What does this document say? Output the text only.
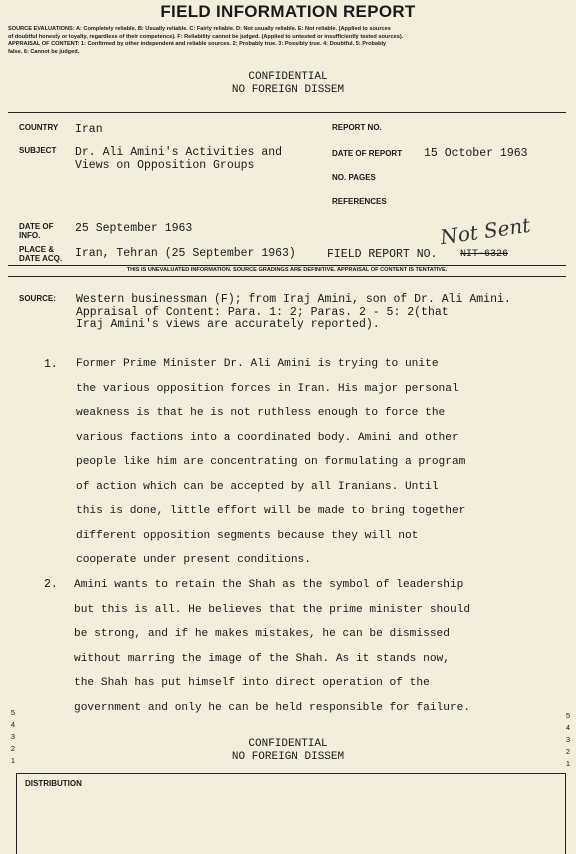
FIELD INFORMATION REPORT
SOURCE EVALUATIONS: A: Completely reliable. B: Usually reliable. C: Fairly reliable. D: Not usually reliable. E: Not reliable. (Applied to sources
of doubtful honesty or loyalty, regardless of their competence). F: Reliability cannot be judged. (Applied to untested or insufficiently tested sources).
APPRAISAL OF CONTENT: 1: Confirmed by other independent and reliable sources. 2: Probably true. 3: Possibly true. 4: Doubtful. 5: Probably
false. 6: Cannot be judged.
CONFIDENTIAL
NO FOREIGN DISSEM
COUNTRY Iran
SUBJECT Dr. Ali Amini's Activities and
Views on Opposition Groups
REPORT NO.
DATE OF REPORT 15 October 1963
NO. PAGES
REFERENCES
DATE OF
INFO.
25 September 1963
PLACE &
DATE ACQ. Iran, Tehran (25 September 1963)	FIELD REPORT NO. NIT-6326
Not Sent
THIS IS UNEVALUATED INFORMATION. SOURCE GRADINGS ARE DEFINITIVE. APPRAISAL OF CONTENT IS TENTATIVE.
SOURCE: Western businessman (F); from Iraj Amini, son of Dr. Ali Amini.
Appraisal of Content: Para. 1: 2; Paras. 2 - 5: 2(that
Iraj Amini's views are accurately reported).
1. Former Prime Minister Dr. Ali Amini is trying to unite
the various opposition forces in Iran. His major personal
weakness is that he is not ruthless enough to force the
various factions into a coordinated body. Amini and other
people like him are concentrating on formulating a program
of action which can be accepted by all Iranians. Until
this is done, little effort will be made to bring together
different opposition segments because they will not
cooperate under present conditions.
2. Amini wants to retain the Shah as the symbol of leadership
but this is all. He believes that the prime minister should
be strong, and if he makes mistakes, he can be dismissed
without marring the image of the Shah. As it stands now,
the Shah has put himself into direct operation of the
government and only he can be held responsible for failure.
5
4
3
2
1
5
4
3
2
1
CONFIDENTIAL
NO FOREIGN DISSEM
DISTRIBUTION
